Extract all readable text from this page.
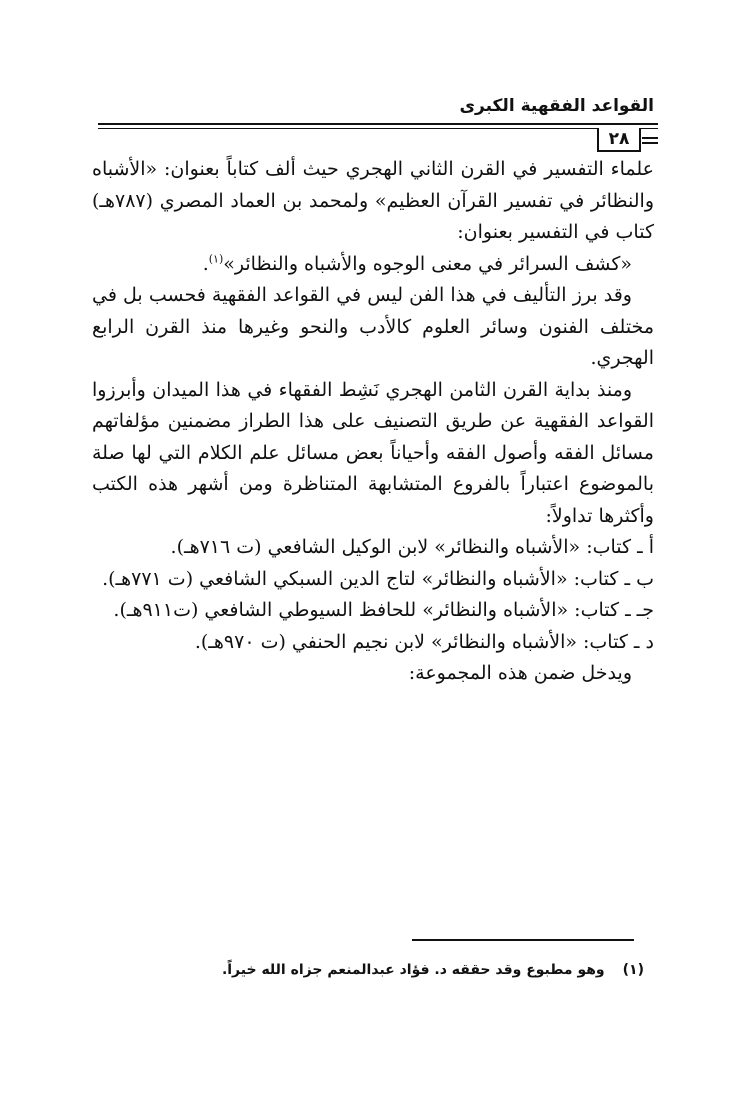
القواعد الفقهية الكبرى
٢٨

علماء التفسير في القرن الثاني الهجري حيث ألف كتاباً بعنوان: «الأشباه والنظائر في تفسير القرآن العظيم» ولمحمد بن العماد المصري (٧٨٧هـ) كتاب في التفسير بعنوان:

«كشف السرائر في معنى الوجوه والأشباه والنظائر»$^{(١)}$.

وقد برز التأليف في هذا الفن ليس في القواعد الفقهية فحسب بل في مختلف الفنون وسائر العلوم كالأدب والنحو وغيرها منذ القرن الرابع الهجري.

ومنذ بداية القرن الثامن الهجري نَشِط الفقهاء في هذا الميدان وأبرزوا القواعد الفقهية عن طريق التصنيف على هذا الطراز مضمنين مؤلفاتهم مسائل الفقه وأصول الفقه وأحياناً بعض مسائل علم الكلام التي لها صلة بالموضوع اعتباراً بالفروع المتشابهة المتناظرة ومن أشهر هذه الكتب وأكثرها تداولاً:

أ ـ كتاب: «الأشباه والنظائر» لابن الوكيل الشافعي (ت ٧١٦هـ).

ب ـ كتاب: «الأشباه والنظائر» لتاج الدين السبكي الشافعي (ت ٧٧١هـ).

جـ ـ كتاب: «الأشباه والنظائر» للحافظ السيوطي الشافعي (ت٩١١هـ).

د ـ كتاب: «الأشباه والنظائر» لابن نجيم الحنفي (ت ٩٧٠هـ).

ويدخل ضمن هذه المجموعة:

(١)وهو مطبوع وقد حققه د. فؤاد عبدالمنعم جزاه الله خيراً.
